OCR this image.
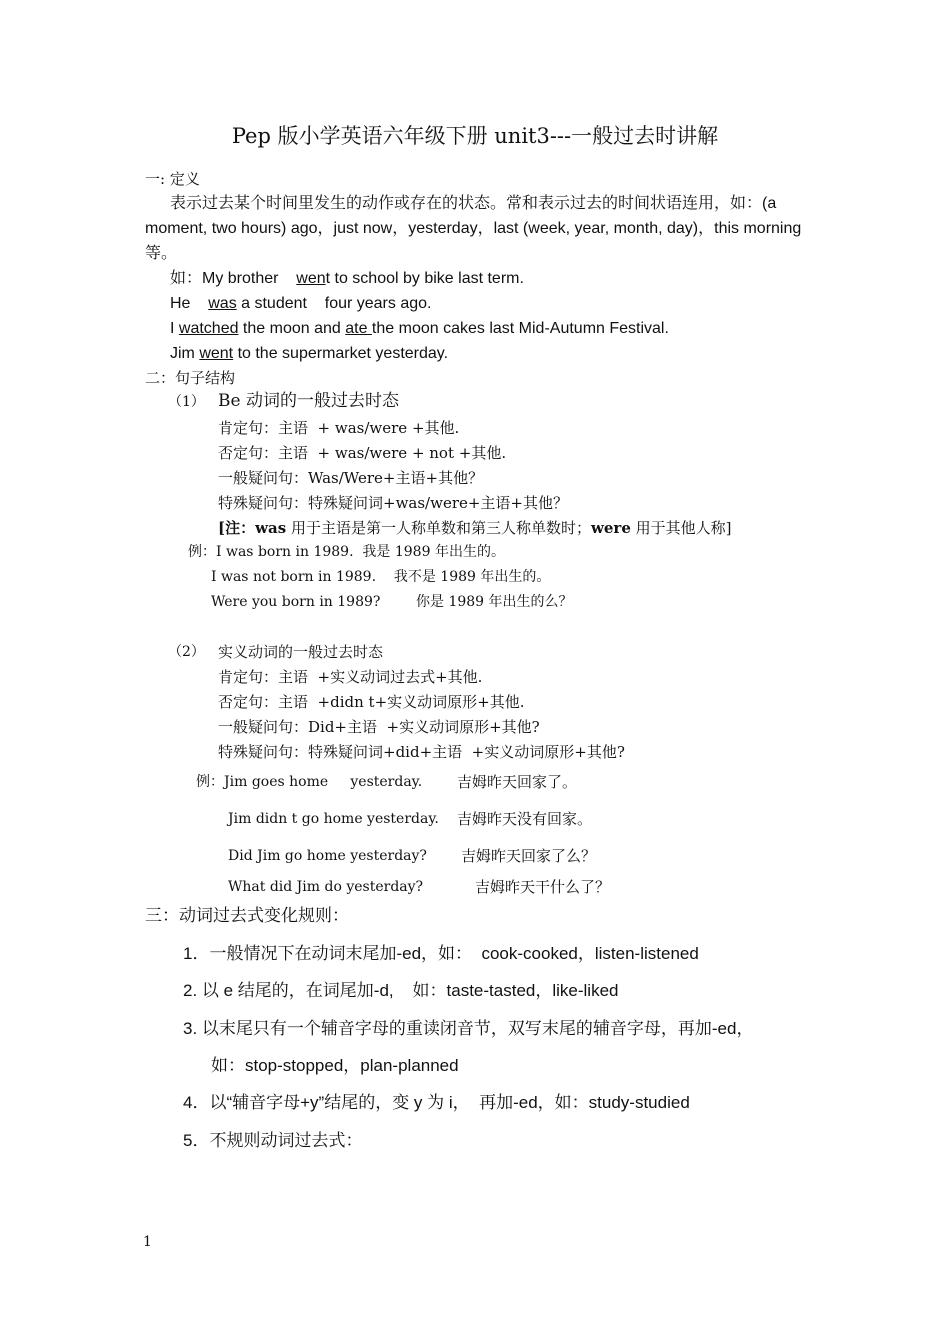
Pep 版小学英语六年级下册 unit3---一般过去时讲解
一: 定义
表示过去某个时间里发生的动作或存在的状态。常和表示过去的时间状语连用，如：(a
moment, two hours) ago，just now，yesterday，last (week, year, month, day)，this morning
等。
如：My brother    went to school by bike last term.
He    was a student    four years ago.
I watched the moon and ate the moon cakes last Mid-Autumn Festival.
Jim went to the supermarket yesterday.
二：句子结构
（1） Be 动词的一般过去时态
肯定句：主语  + was/were +其他.
否定句：主语  + was/were + not +其他.
一般疑问句：Was/Were+主语+其他？
特殊疑问句：特殊疑问词+was/were+主语+其他？
[注：was 用于主语是第一人称单数和第三人称单数时；were 用于其他人称]
例：I was born in 1989.  我是 1989 年出生的。
I was not born in 1989.    我不是 1989 年出生的。
Were you born in 1989?        你是 1989 年出生的么？
（2） 实义动词的一般过去时态
肯定句：主语  +实义动词过去式+其他.
否定句：主语  +didn t+实义动词原形+其他.
一般疑问句：Did+主语  +实义动词原形+其他?
特殊疑问句：特殊疑问词+did+主语  +实义动词原形+其他?
例：Jim goes home     yesterday. 吉姆昨天回家了。
Jim didn t go home yesterday. 吉姆昨天没有回家。
Did Jim go home yesterday? 吉姆昨天回家了么？
What did Jim do yesterday?	吉姆昨天干什么了？
三：动词过去式变化规则：
1．一般情况下在动词末尾加-ed，如：  cook-cooked，listen-listened
2. 以 e 结尾的，在词尾加-d,    如：taste-tasted，like-liked
3. 以末尾只有一个辅音字母的重读闭音节，双写末尾的辅音字母，再加-ed，
如：stop-stopped，plan-planned
4．以“辅音字母+y”结尾的，变 y 为 i，  再加-ed，如：study-studied
5．不规则动词过去式：
1
